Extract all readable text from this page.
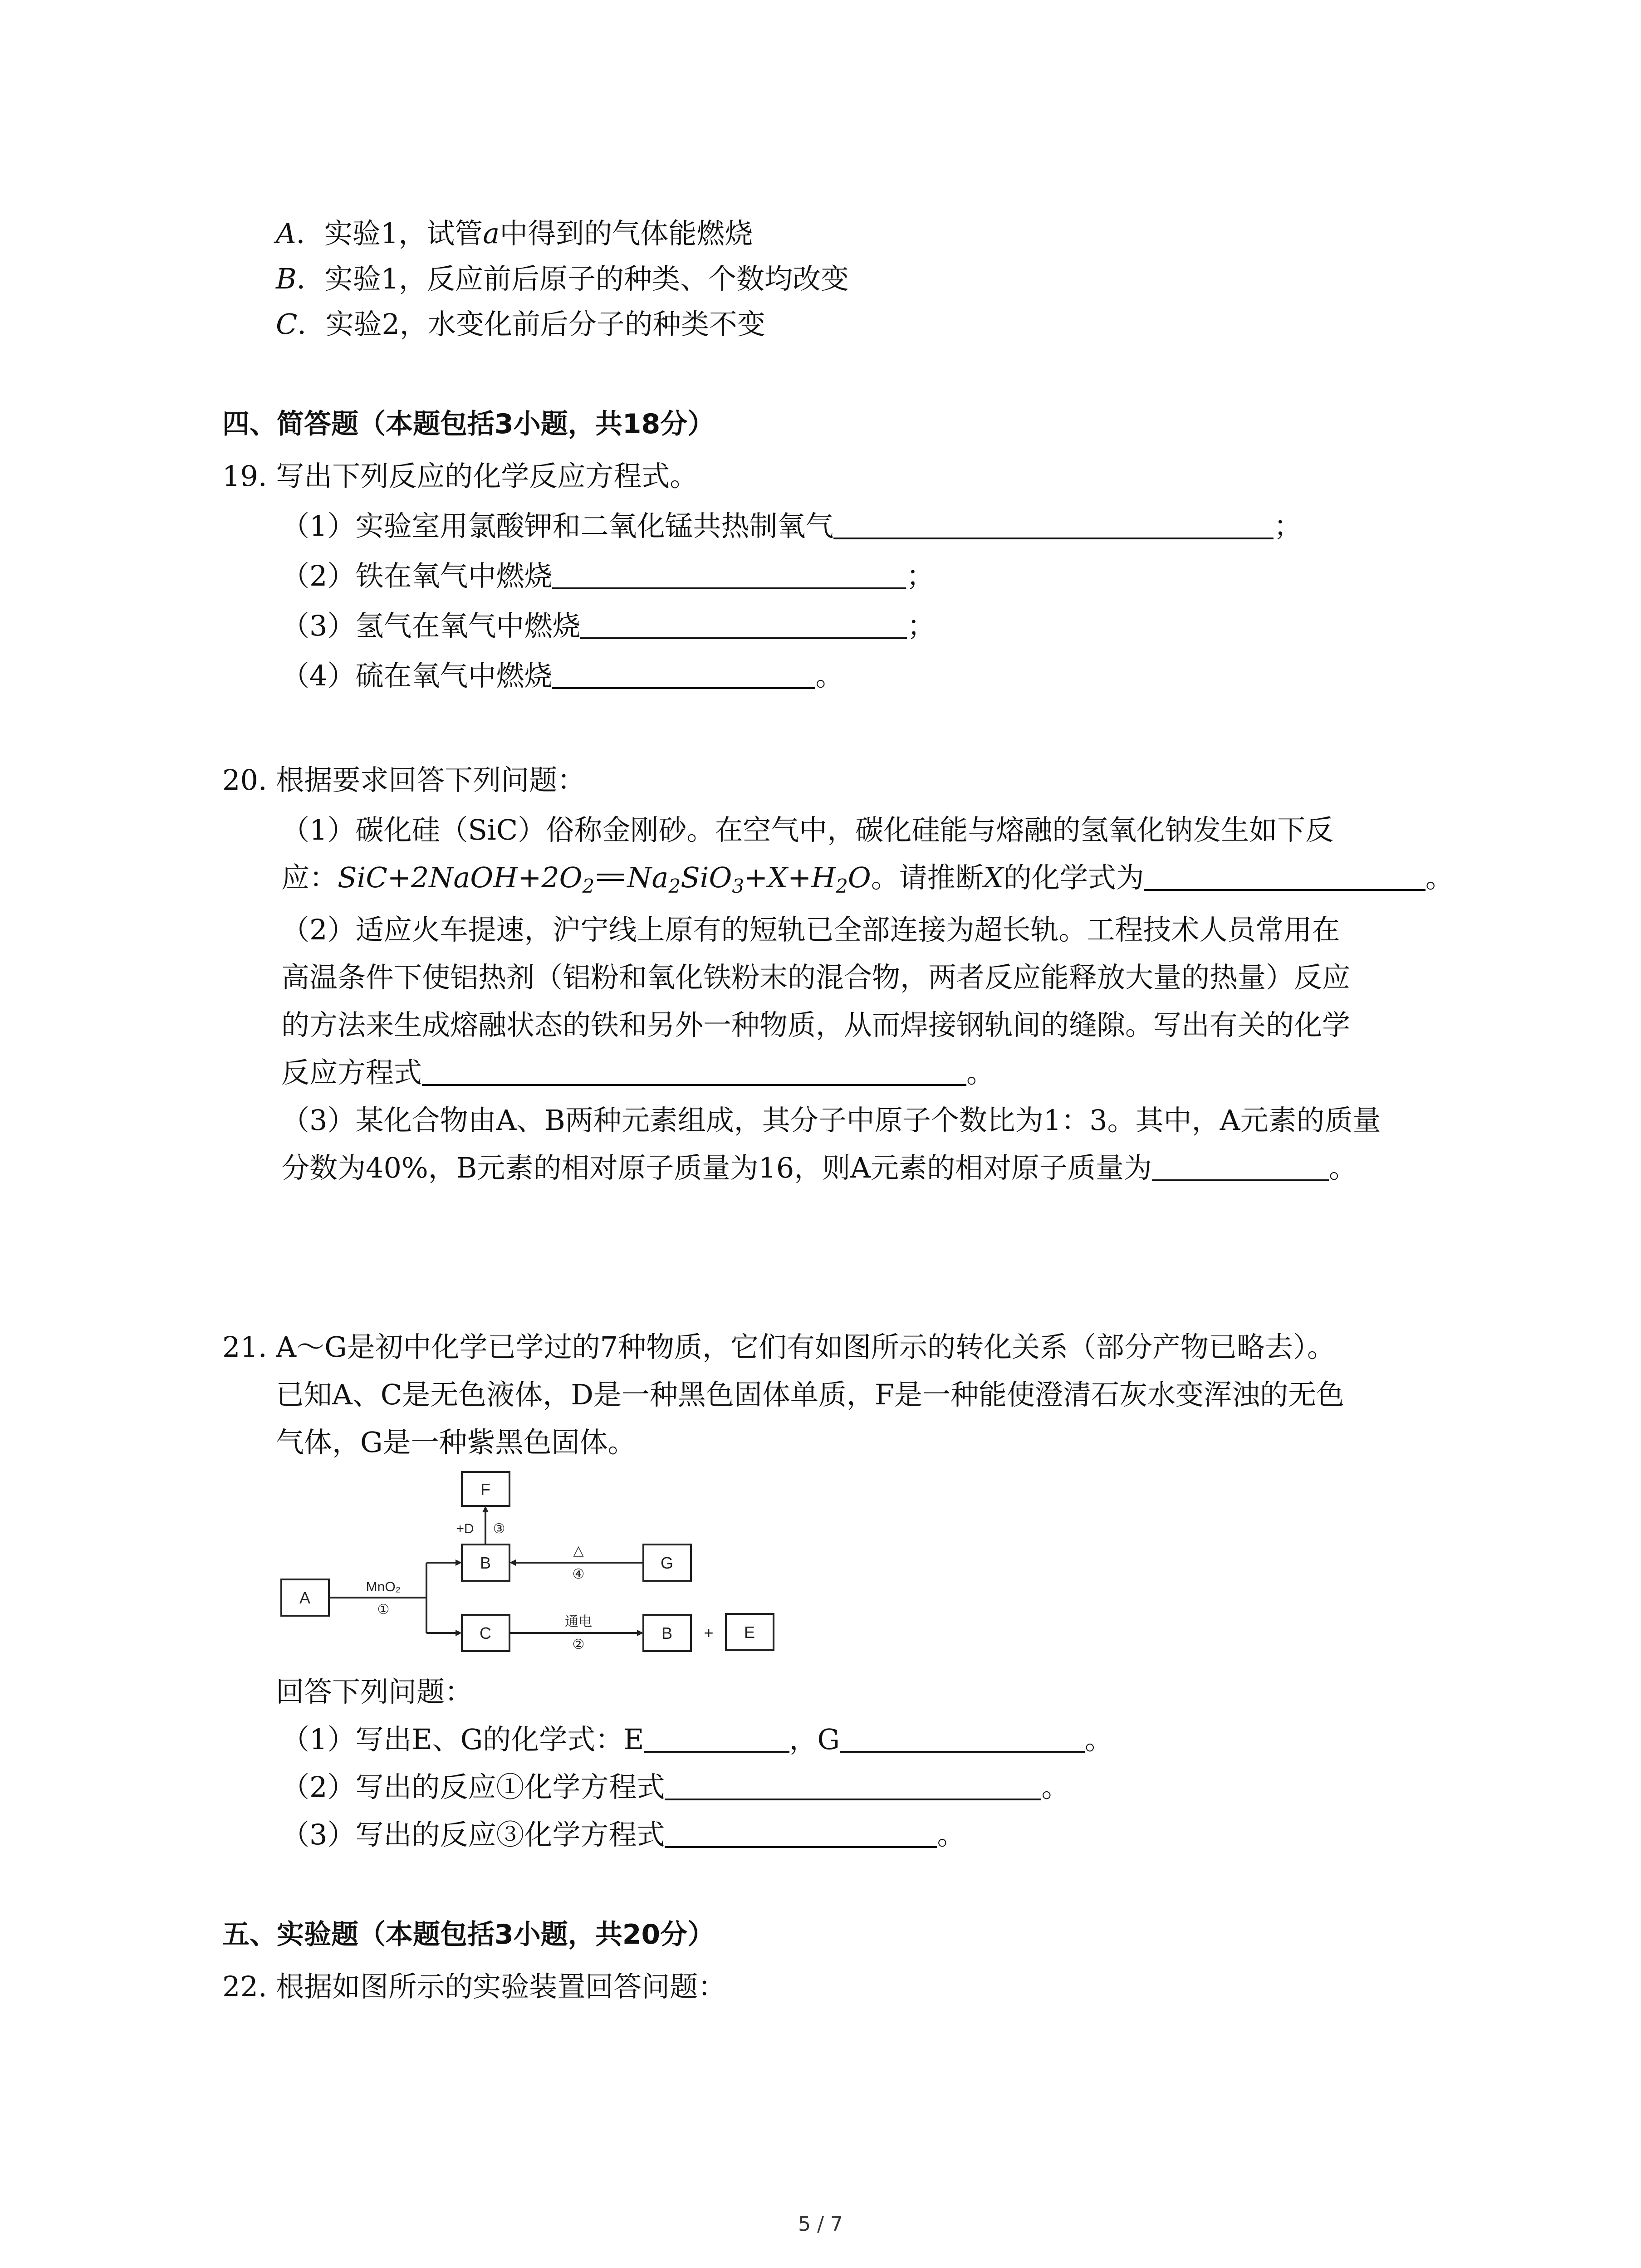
A．实验1，试管a中得到的气体能燃烧
B．实验1，反应前后原子的种类、个数均改变
C．实验2，水变化前后分子的种类不变
四、简答题（本题包括3小题，共18分）
19. 写出下列反应的化学反应方程式。
（1）实验室用氯酸钾和二氧化锰共热制氧气	；
（2）铁在氧气中燃烧	；
（3）氢气在氧气中燃烧	；
（4）硫在氧气中燃烧	。
20. 根据要求回答下列问题：
（1）碳化硅（SiC）俗称金刚砂。在空气中，碳化硅能与熔融的氢氧化钠发生如下反
应：$SiC+2NaOH+2O_2$ $Na_2SiO_3+X+H_2O$。请推断X的化学式为	。
（2）适应火车提速，沪宁线上原有的短轨已全部连接为超长轨。工程技术人员常用在
高温条件下使铝热剂（铝粉和氧化铁粉末的混合物，两者反应能释放大量的热量）反应
的方法来生成熔融状态的铁和另外一种物质，从而焊接钢轨间的缝隙。写出有关的化学
反应方程式	。
（3）某化合物由A、B两种元素组成，其分子中原子个数比为1：3。其中，A元素的质量
分数为40%，B元素的相对原子质量为16，则A元素的相对原子质量为	。
21. A～G是初中化学已学过的7种物质，它们有如图所示的转化关系（部分产物已略去）。
已知A、C是无色液体，D是一种黑色固体单质，F是一种能使澄清石灰水变浑浊的无色
气体，G是一种紫黑色固体。
A
F
B
C
G
B	E
+
MnO₂
①
+D ③
△
④
通电
②
回答下列问题：
（1）写出E、G的化学式：E	，G	。
（2）写出的反应①化学方程式	。
（3）写出的反应③化学方程式	。
五、实验题（本题包括3小题，共20分）
22. 根据如图所示的实验装置回答问题：
5 / 7
